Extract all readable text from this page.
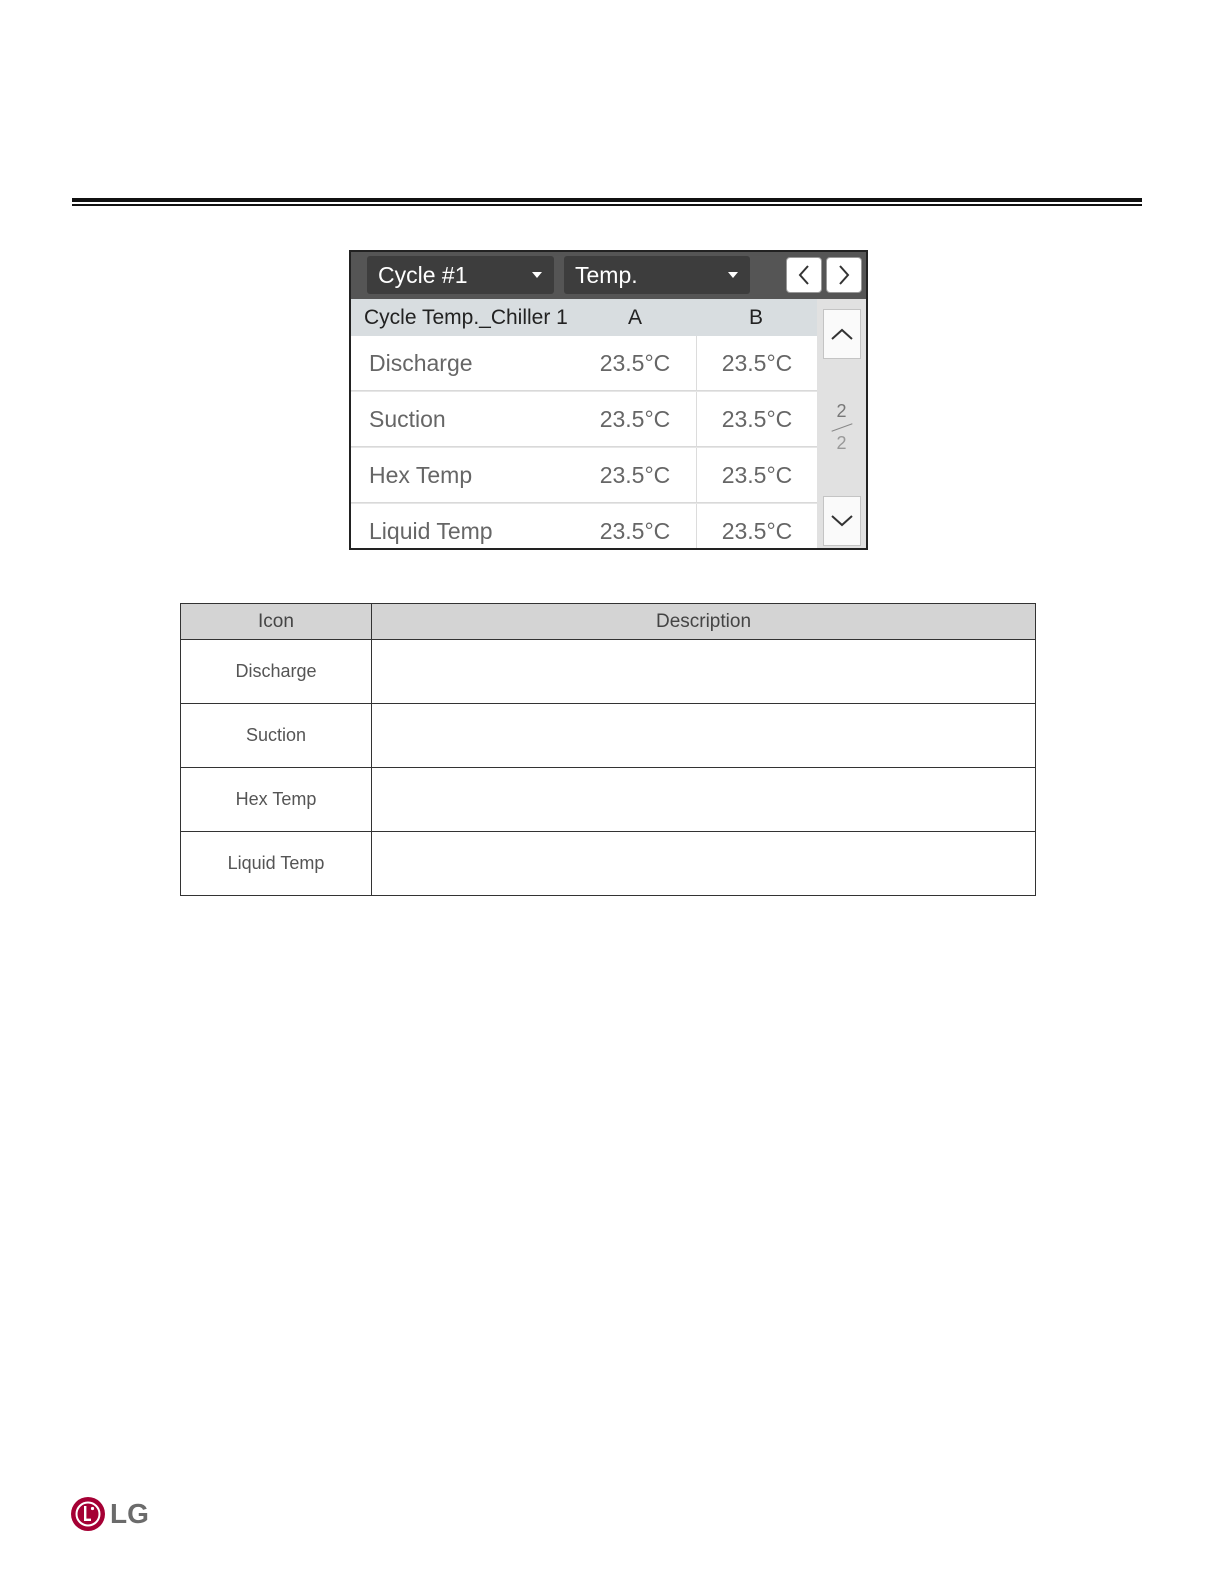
Cycle #1	Temp.
Cycle Temp._Chiller 1	A	B
Discharge	23.5°C	23.5°C
Suction	23.5°C	23.5°C
Hex Temp	23.5°C	23.5°C
Liquid Temp	23.5°C	23.5°C
2
2
Icon	Description
Discharge	
Suction	
Hex Temp	
Liquid Temp	
LG
